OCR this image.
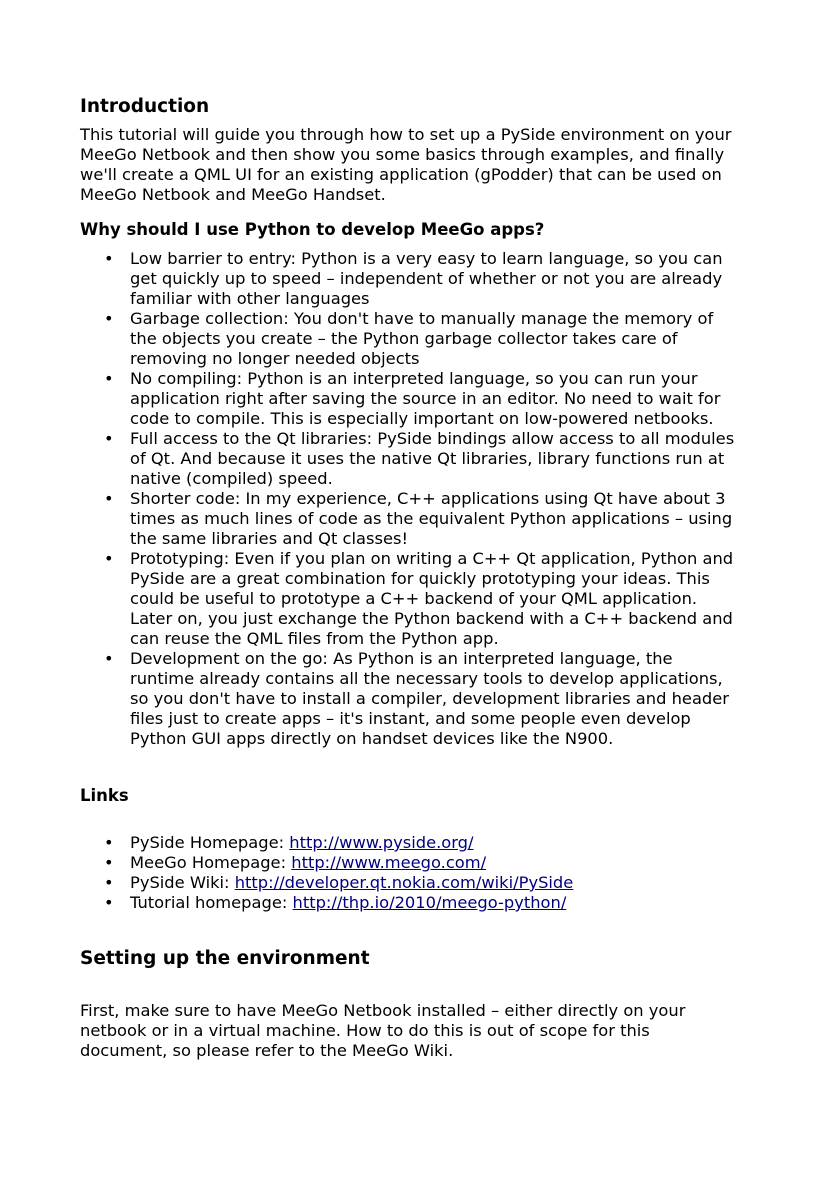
Introduction
This tutorial will guide you through how to set up a PySide environment on your
MeeGo Netbook and then show you some basics through examples, and finally
we'll create a QML UI for an existing application (gPodder) that can be used on
MeeGo Netbook and MeeGo Handset.
Why should I use Python to develop MeeGo apps?
• Low barrier to entry: Python is a very easy to learn language, so you can
get quickly up to speed – independent of whether or not you are already
familiar with other languages
• Garbage collection: You don't have to manually manage the memory of
the objects you create – the Python garbage collector takes care of
removing no longer needed objects
• No compiling: Python is an interpreted language, so you can run your
application right after saving the source in an editor. No need to wait for
code to compile. This is especially important on low-powered netbooks.
• Full access to the Qt libraries: PySide bindings allow access to all modules
of Qt. And because it uses the native Qt libraries, library functions run at
native (compiled) speed.
• Shorter code: In my experience, C++ applications using Qt have about 3
times as much lines of code as the equivalent Python applications – using
the same libraries and Qt classes!
• Prototyping: Even if you plan on writing a C++ Qt application, Python and
PySide are a great combination for quickly prototyping your ideas. This
could be useful to prototype a C++ backend of your QML application.
Later on, you just exchange the Python backend with a C++ backend and
can reuse the QML files from the Python app.
• Development on the go: As Python is an interpreted language, the
runtime already contains all the necessary tools to develop applications,
so you don't have to install a compiler, development libraries and header
files just to create apps – it's instant, and some people even develop
Python GUI apps directly on handset devices like the N900.
Links
• PySide Homepage: http://www.pyside.org/
• MeeGo Homepage: http://www.meego.com/
• PySide Wiki: http://developer.qt.nokia.com/wiki/PySide
• Tutorial homepage: http://thp.io/2010/meego-python/
Setting up the environment
First, make sure to have MeeGo Netbook installed – either directly on your
netbook or in a virtual machine. How to do this is out of scope for this
document, so please refer to the MeeGo Wiki.
